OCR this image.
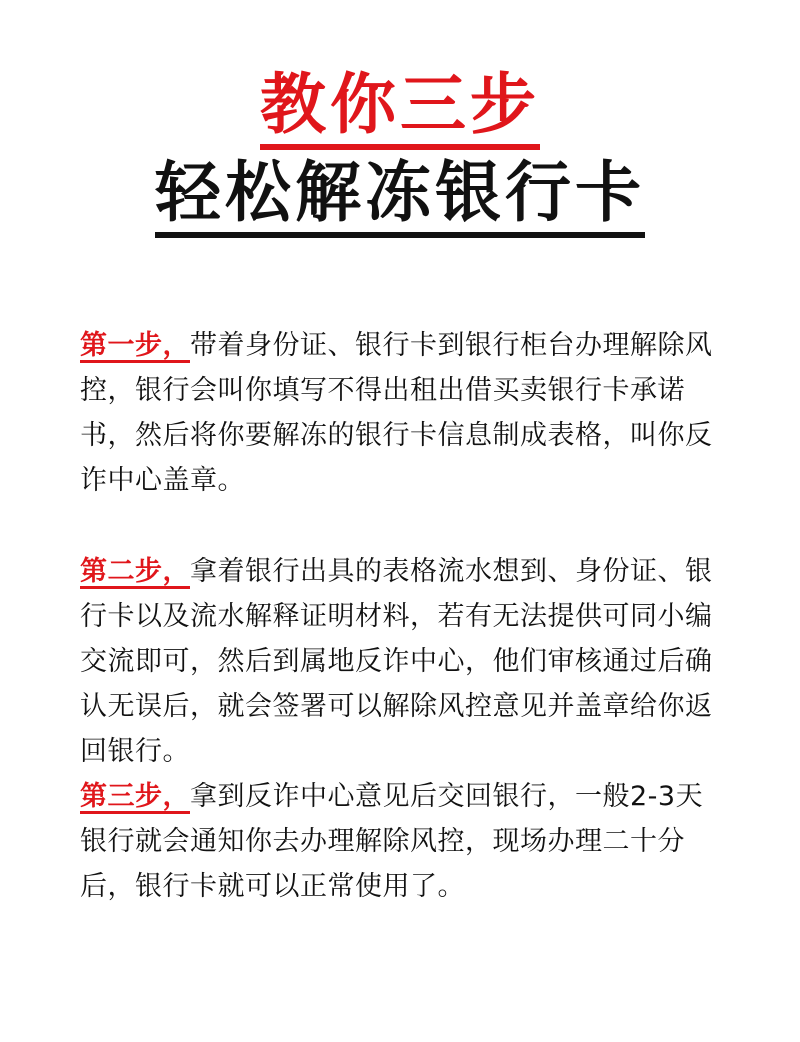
教你三步
轻松解冻银行卡

第一步，带着身份证、银行卡到银行柜台办理解除风控，银行会叫你填写不得出租出借买卖银行卡承诺书，然后将你要解冻的银行卡信息制成表格，叫你反诈中心盖章。

第二步，拿着银行出具的表格流水想到、身份证、银行卡以及流水解释证明材料，若有无法提供可同小编交流即可，然后到属地反诈中心，他们审核通过后确认无误后，就会签署可以解除风控意见并盖章给你返回银行。

第三步，拿到反诈中心意见后交回银行，一般2-3天银行就会通知你去办理解除风控，现场办理二十分后，银行卡就可以正常使用了。
